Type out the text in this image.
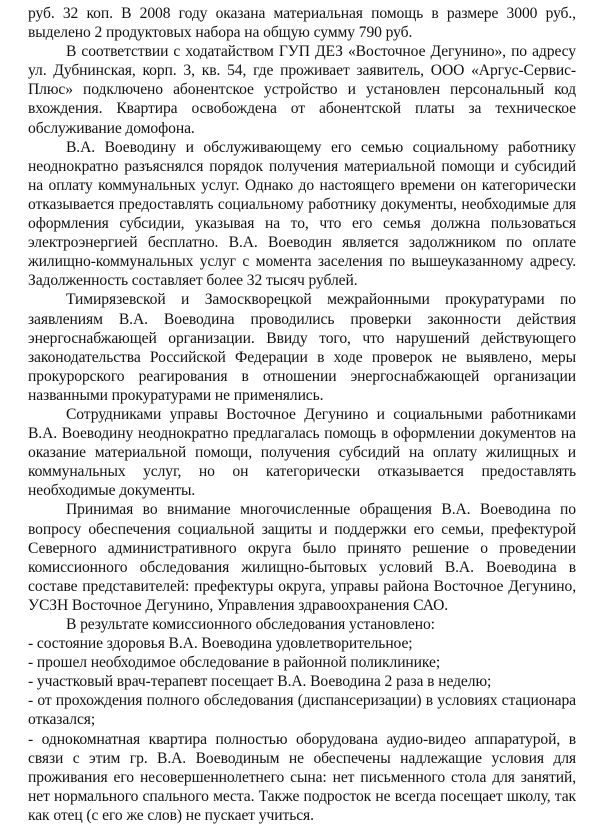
руб. 32 коп. В 2008 году оказана материальная помощь в размере 3000 руб., выделено 2 продуктовых набора на общую сумму 790 руб.

В соответствии с ходатайством ГУП ДЕЗ «Восточное Дегунино», по адресу ул. Дубнинская, корп. 3, кв. 54, где проживает заявитель, ООО «Аргус-Сервис-Плюс» подключено абонентское устройство и установлен персональный код вхождения. Квартира освобождена от абонентской платы за техническое обслуживание домофона.

В.А. Воеводину и обслуживающему его семью социальному работнику неоднократно разъяснялся порядок получения материальной помощи и субсидий на оплату коммунальных услуг. Однако до настоящего времени он категорически отказывается предоставлять социальному работнику документы, необходимые для оформления субсидии, указывая на то, что его семья должна пользоваться электроэнергией бесплатно. В.А. Воеводин является задолжником по оплате жилищно-коммунальных услуг с момента заселения по вышеуказанному адресу. Задолженность составляет более 32 тысяч рублей.

Тимирязевской и Замоскворецкой межрайонными прокуратурами по заявлениям В.А. Воеводина проводились проверки законности действия энергоснабжающей организации. Ввиду того, что нарушений действующего законодательства Российской Федерации в ходе проверок не выявлено, меры прокурорского реагирования в отношении энергоснабжающей организации названными прокуратурами не применялись.

Сотрудниками управы Восточное Дегунино и социальными работниками В.А. Воеводину неоднократно предлагалась помощь в оформлении документов на оказание материальной помощи, получения субсидий на оплату жилищных и коммунальных услуг, но он категорически отказывается предоставлять необходимые документы.

Принимая во внимание многочисленные обращения В.А. Воеводина по вопросу обеспечения социальной защиты и поддержки его семьи, префектурой Северного административного округа было принято решение о проведении комиссионного обследования жилищно-бытовых условий В.А. Воеводина в составе представителей: префектуры округа, управы района Восточное Дегунино, УСЗН Восточное Дегунино, Управления здравоохранения САО.

В результате комиссионного обследования установлено:

- состояние здоровья В.А. Воеводина удовлетворительное;

- прошел необходимое обследование в районной поликлинике;

- участковый врач-терапевт посещает В.А. Воеводина 2 раза в неделю;

- от прохождения полного обследования (диспансеризации) в условиях стационара отказался;

- однокомнатная квартира полностью оборудована аудио-видео аппаратурой, в связи с этим гр. В.А. Воеводиным не обеспечены надлежащие условия для проживания его несовершеннолетнего сына: нет письменного стола для занятий, нет нормального спального места. Также подросток не всегда посещает школу, так как отец (с его же слов) не пускает учиться.
